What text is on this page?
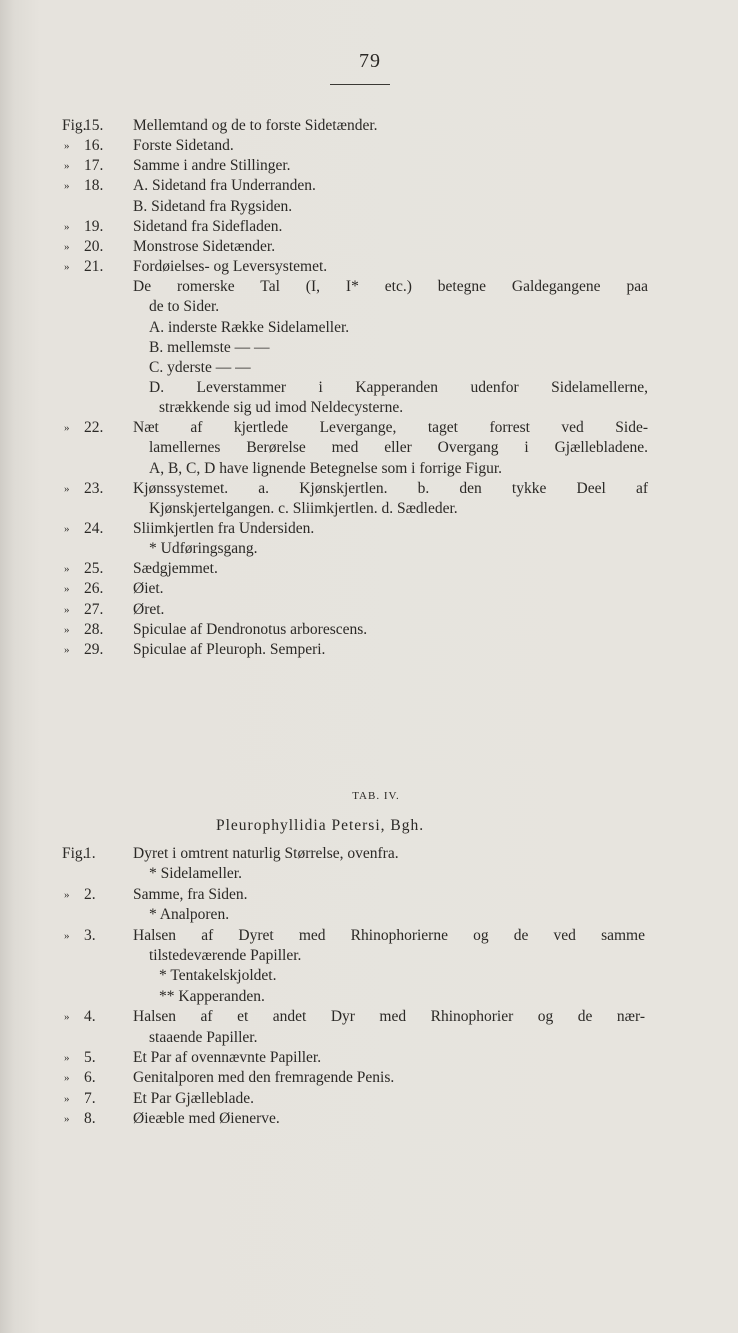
79
Fig.
15.	Mellemtand og de to forste Sidetænder.
» 16.	Forste Sidetand.
» 17.	Samme i andre Stillinger.
» 18.	A. Sidetand fra Underranden.
B. Sidetand fra Rygsiden.
» 19.	Sidetand fra Sidefladen.
» 20.	Monstrose Sidetænder.
» 21.	Fordøielses- og Leversystemet.
De romerske Tal (I, I* etc.) betegne Galdegangene paa
de to Sider.
A. inderste Række Sidelameller.
B. mellemste — —
C. yderste — —
D. Leverstammer i Kapperanden udenfor Sidelamellerne,
strækkende sig ud imod Neldecysterne.
» 22.	Næt af kjertlede Levergange, taget forrest ved Side-
lamellernes Berørelse med eller Overgang i Gjællebladene.
A, B, C, D have lignende Betegnelse som i forrige Figur.
» 23.	Kjønssystemet. a. Kjønskjertlen. b. den tykke Deel af
Kjønskjertelgangen. c. Sliimkjertlen. d. Sædleder.
» 24.	Sliimkjertlen fra Undersiden.
* Udføringsgang.
» 25.	Sædgjemmet.
» 26.	Øiet.
» 27.	Øret.
» 28.	Spiculae af Dendronotus arborescens.
» 29.	Spiculae af Pleuroph. Semperi.
TAB. IV.
Pleurophyllidia Petersi, Bgh.
Fig.
1.	Dyret i omtrent naturlig Størrelse, ovenfra.
* Sidelameller.
» 2.	Samme, fra Siden.
* Analporen.
» 3.	Halsen af Dyret med Rhinophorierne og de ved samme
tilstedeværende Papiller.
* Tentakelskjoldet.
** Kapperanden.
» 4.	Halsen af et andet Dyr med Rhinophorier og de nær-
staaende Papiller.
» 5.	Et Par af ovennævnte Papiller.
» 6.	Genitalporen med den fremragende Penis.
» 7.	Et Par Gjælleblade.
» 8.	Øieæble med Øienerve.
